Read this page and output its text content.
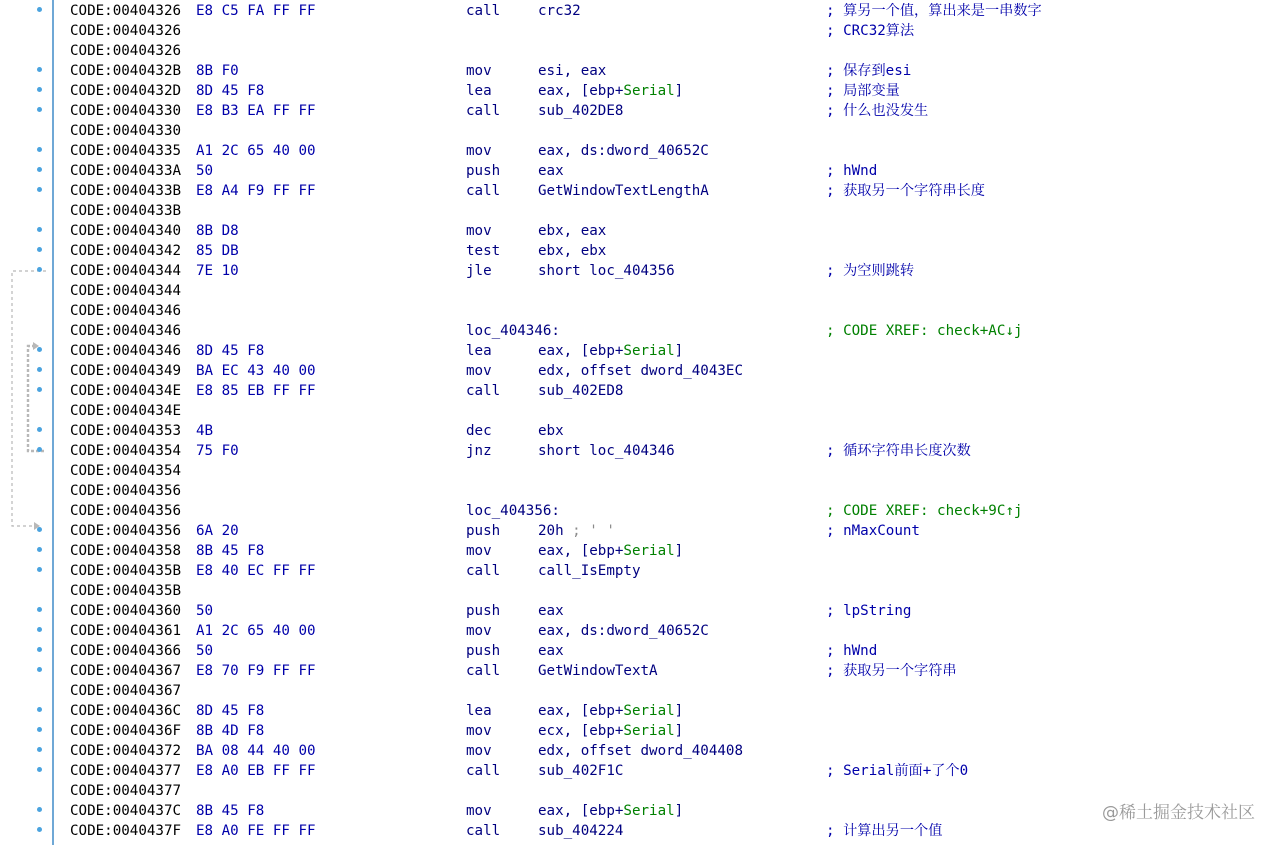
CODE:00404326 E8 C5 FA FF FF	call	crc32	; 算另一个值，算出来是一串数字
CODE:00404326	; CRC32算法
CODE:00404326
CODE:0040432B 8B F0	mov	esi, eax	; 保存到esi
CODE:0040432D 8D 45 F8	lea	eax, [ebp+Serial]	; 局部变量
CODE:00404330 E8 B3 EA FF FF	call	sub_402DE8	; 什么也没发生
CODE:00404330
CODE:00404335 A1 2C 65 40 00	mov	eax, ds:dword_40652C
CODE:0040433A 50	push	eax	; hWnd
CODE:0040433B E8 A4 F9 FF FF	call	GetWindowTextLengthA	; 获取另一个字符串长度
CODE:0040433B
CODE:00404340 8B D8	mov	ebx, eax
CODE:00404342 85 DB	test	ebx, ebx
CODE:00404344 7E 10	jle	short loc_404356	; 为空则跳转
CODE:00404344
CODE:00404346
CODE:00404346	loc_404346:	; CODE XREF: check+AC↓j
CODE:00404346 8D 45 F8	lea	eax, [ebp+Serial]
CODE:00404349 BA EC 43 40 00	mov	edx, offset dword_4043EC
CODE:0040434E E8 85 EB FF FF	call	sub_402ED8
CODE:0040434E
CODE:00404353 4B	dec	ebx
CODE:00404354 75 F0	jnz	short loc_404346	; 循环字符串长度次数
CODE:00404354
CODE:00404356
CODE:00404356	loc_404356:	; CODE XREF: check+9C↑j
CODE:00404356 6A 20	push	20h ; ' '	; nMaxCount
CODE:00404358 8B 45 F8	mov	eax, [ebp+Serial]
CODE:0040435B E8 40 EC FF FF	call	call_IsEmpty
CODE:0040435B
CODE:00404360 50	push	eax	; lpString
CODE:00404361 A1 2C 65 40 00	mov	eax, ds:dword_40652C
CODE:00404366 50	push	eax	; hWnd
CODE:00404367 E8 70 F9 FF FF	call	GetWindowTextA	; 获取另一个字符串
CODE:00404367
CODE:0040436C 8D 45 F8	lea	eax, [ebp+Serial]
CODE:0040436F 8B 4D F8	mov	ecx, [ebp+Serial]
CODE:00404372 BA 08 44 40 00	mov	edx, offset dword_404408
CODE:00404377 E8 A0 EB FF FF	call	sub_402F1C	; Serial前面+了个0
CODE:00404377
CODE:0040437C 8B 45 F8	mov	eax, [ebp+Serial]
CODE:0040437F E8 A0 FE FF FF	call	sub_404224	; 计算出另一个值
@稀土掘金技术社区
